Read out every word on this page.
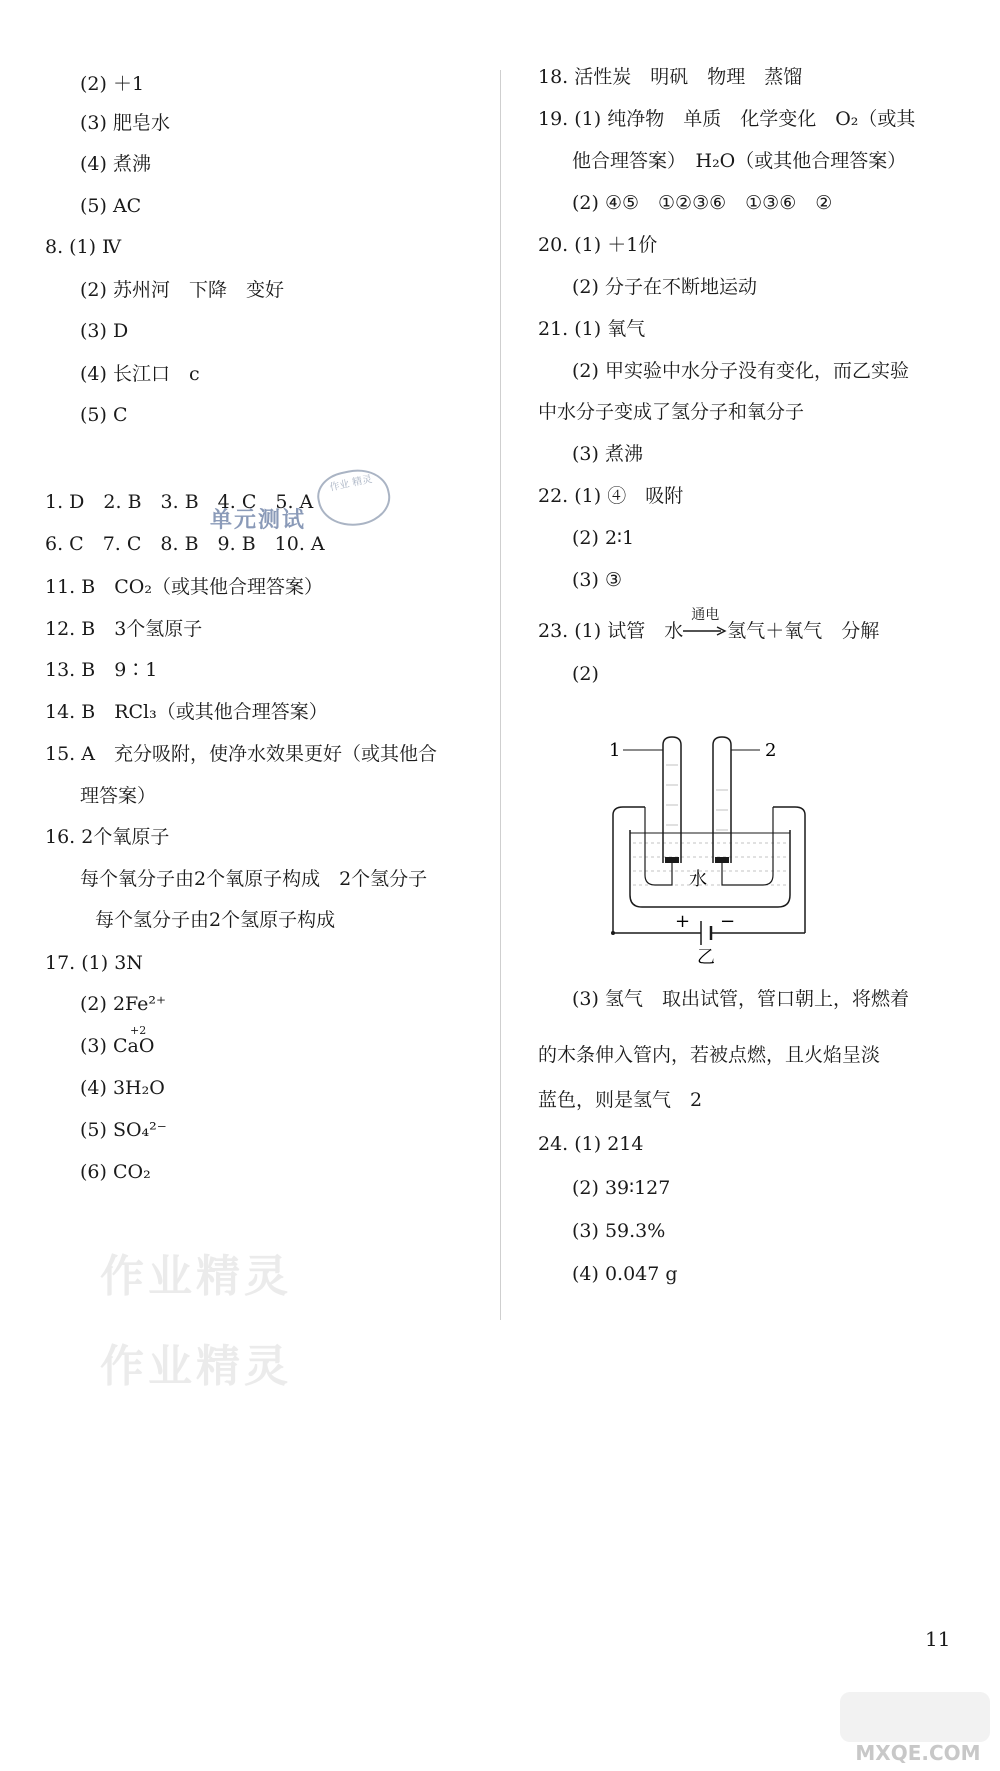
(2) ＋1
(3) 肥皂水
(4) 煮沸
(5) AC
8. (1) Ⅳ
(2) 苏州河　下降　变好
(3) D
(4) 长江口　c
(5) C
单元测试
作业 精灵
1. D　2. B　3. B　4. C　5. A
6. C　7. C　8. B　9. B　10. A
11. B　CO₂（或其他合理答案）
12. B　3个氢原子
13. B　9∶1
14. B　RCl₃（或其他合理答案）
15. A　充分吸附，使净水效果更好（或其他合
理答案）
16. 2个氧原子
每个氧分子由2个氧原子构成　2个氢分子
每个氢分子由2个氢原子构成
17. (1) 3N
(2) 2Fe²⁺
+2
(3) CaO
(4) 3H₂O
(5) SO₄²⁻
(6) CO₂
作业精灵
作业精灵
18. 活性炭　明矾　物理　蒸馏
19. (1) 纯净物　单质　化学变化　O₂（或其
他合理答案）　H₂O（或其他合理答案）
(2) ④⑤　①②③⑥　①③⑥　②
20. (1) ＋1价
(2) 分子在不断地运动
21. (1) 氧气
(2) 甲实验中水分子没有变化，而乙实验
中水分子变成了氢分子和氧分子
(3) 煮沸
22. (1) ④　吸附
(2) 2∶1
(3) ③
23. (1) 试管　水
通电
氢气＋氧气　分解
(2)
1	2
水
+ −
乙
(3) 氢气　取出试管，管口朝上，将燃着
的木条伸入管内，若被点燃，且火焰呈淡
蓝色，则是氢气　2
24. (1) 214
(2) 39∶127
(3) 59.3%
(4) 0.047 g
11
MXQE.COM
